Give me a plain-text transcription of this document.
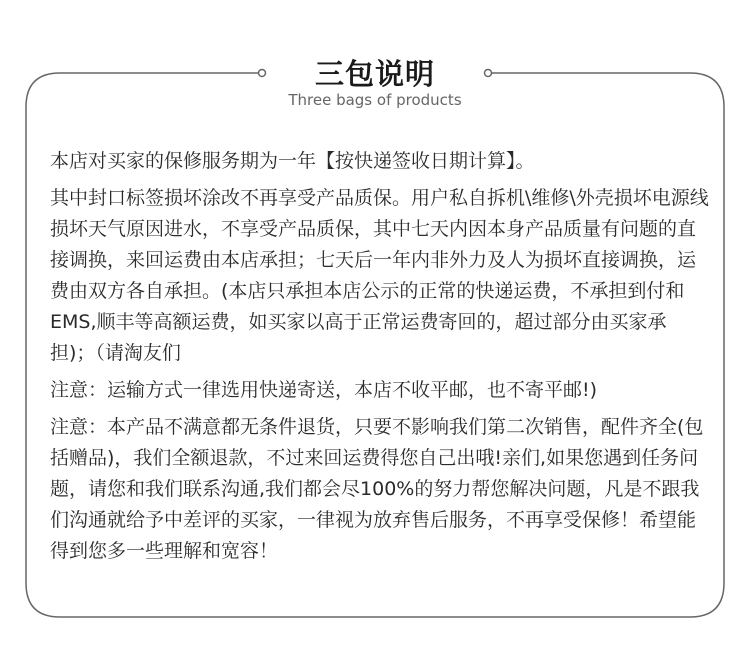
三包说明
Three bags of products

本店对买家的保修服务期为一年【按快递签收日期计算】。

其中封口标签损坏涂改不再享受产品质保。用户私自拆机\维修\外壳损坏电源线损坏天气原因进水，不享受产品质保，其中七天内因本身产品质量有问题的直接调换，来回运费由本店承担；七天后一年内非外力及人为损坏直接调换，运费由双方各自承担。(本店只承担本店公示的正常的快递运费，不承担到付和EMS,顺丰等高额运费，如买家以高于正常运费寄回的，超过部分由买家承担)；（请淘友们

注意：运输方式一律选用快递寄送，本店不收平邮，也不寄平邮!)

注意：本产品不满意都无条件退货，只要不影响我们第二次销售，配件齐全(包括赠品)，我们全额退款，不过来回运费得您自己出哦!亲们,如果您遇到任务问题，请您和我们联系沟通,我们都会尽100%的努力帮您解决问题，凡是不跟我们沟通就给予中差评的买家，一律视为放弃售后服务，不再享受保修！希望能得到您多一些理解和宽容！
